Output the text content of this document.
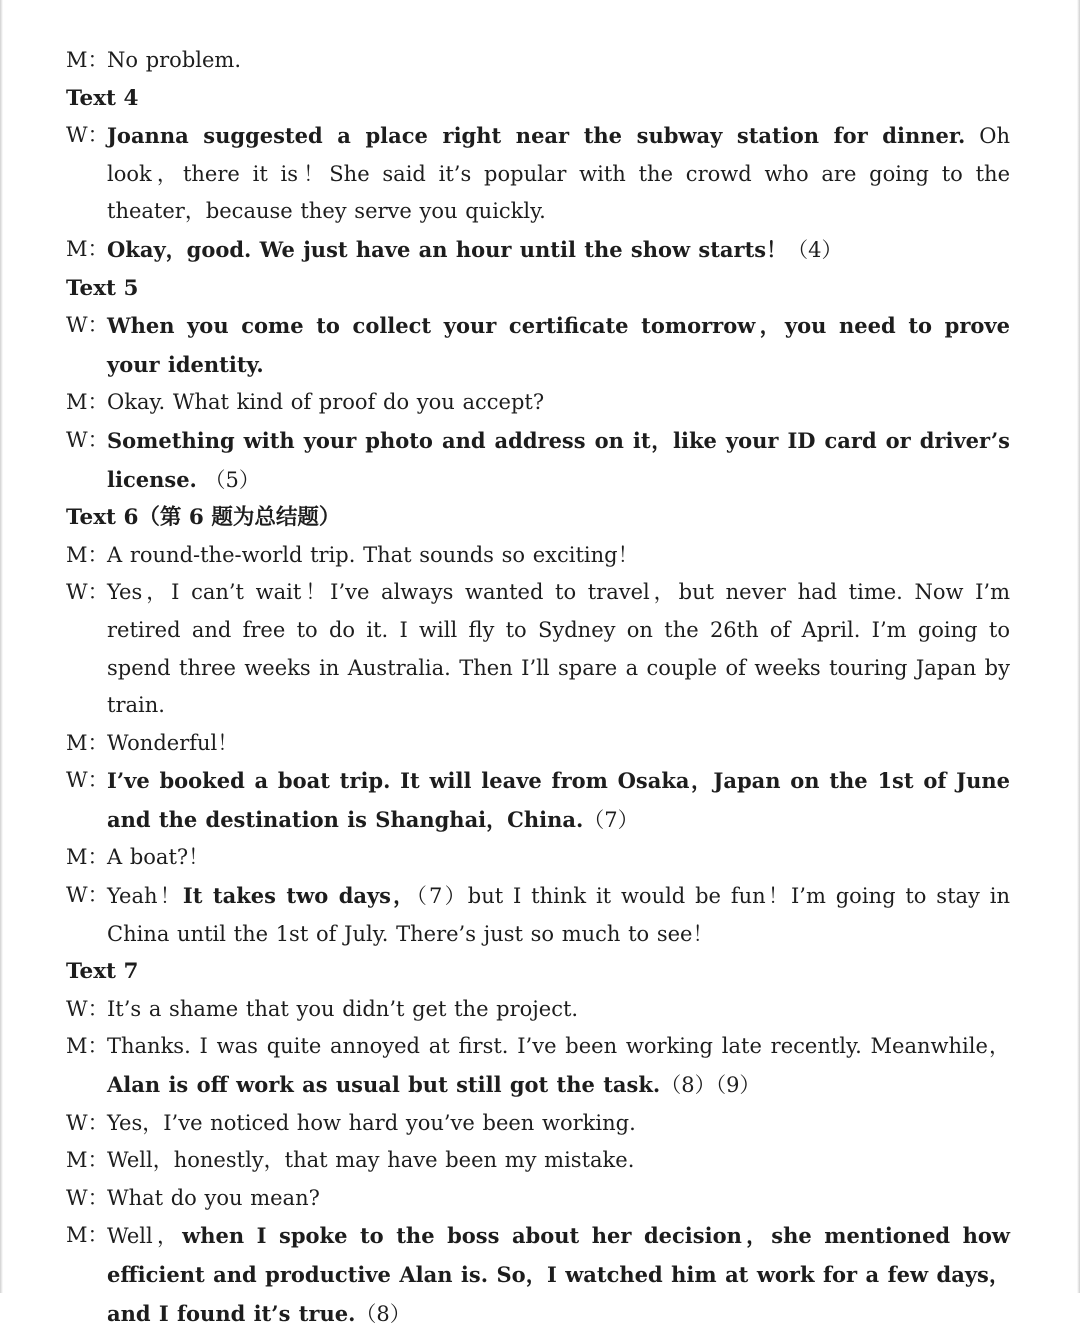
M：
No problem.
Text 4
W：
Joanna suggested a place right near the subway station for dinner. Oh look，there it is！She said it’s popular with the crowd who are going to the theater，because they serve you quickly.
M：
Okay，good. We just have an hour until the show starts！（4）
Text 5
W：
When you come to collect your certificate tomorrow，you need to prove your identity.
M：
Okay. What kind of proof do you accept?
W：
Something with your photo and address on it，like your ID card or driver’s license. （5）
Text 6（第 6 题为总结题）
M：
A round-the-world trip. That sounds so exciting！
W：
Yes，I can’t wait！I’ve always wanted to travel，but never had time. Now I’m retired and free to do it. I will fly to Sydney on the 26th of April. I’m going to spend three weeks in Australia. Then I’ll spare a couple of weeks touring Japan by train.
M：
Wonderful！
W：
I’ve booked a boat trip. It will leave from Osaka，Japan on the 1st of June and the destination is Shanghai，China.（7）
M：
A boat?！
W：
Yeah！It takes two days，（7）but I think it would be fun！I’m going to stay in China until the 1st of July. There’s just so much to see！
Text 7
W：
It’s a shame that you didn’t get the project.
M：
Thanks. I was quite annoyed at first. I’ve been working late recently. Meanwhile，Alan is off work as usual but still got the task.（8）（9）
W：
Yes，I’ve noticed how hard you’ve been working.
M：
Well，honestly，that may have been my mistake.
W：
What do you mean?
M：
Well，when I spoke to the boss about her decision，she mentioned how efficient and productive Alan is. So，I watched him at work for a few days，and I found it’s true.（8）
